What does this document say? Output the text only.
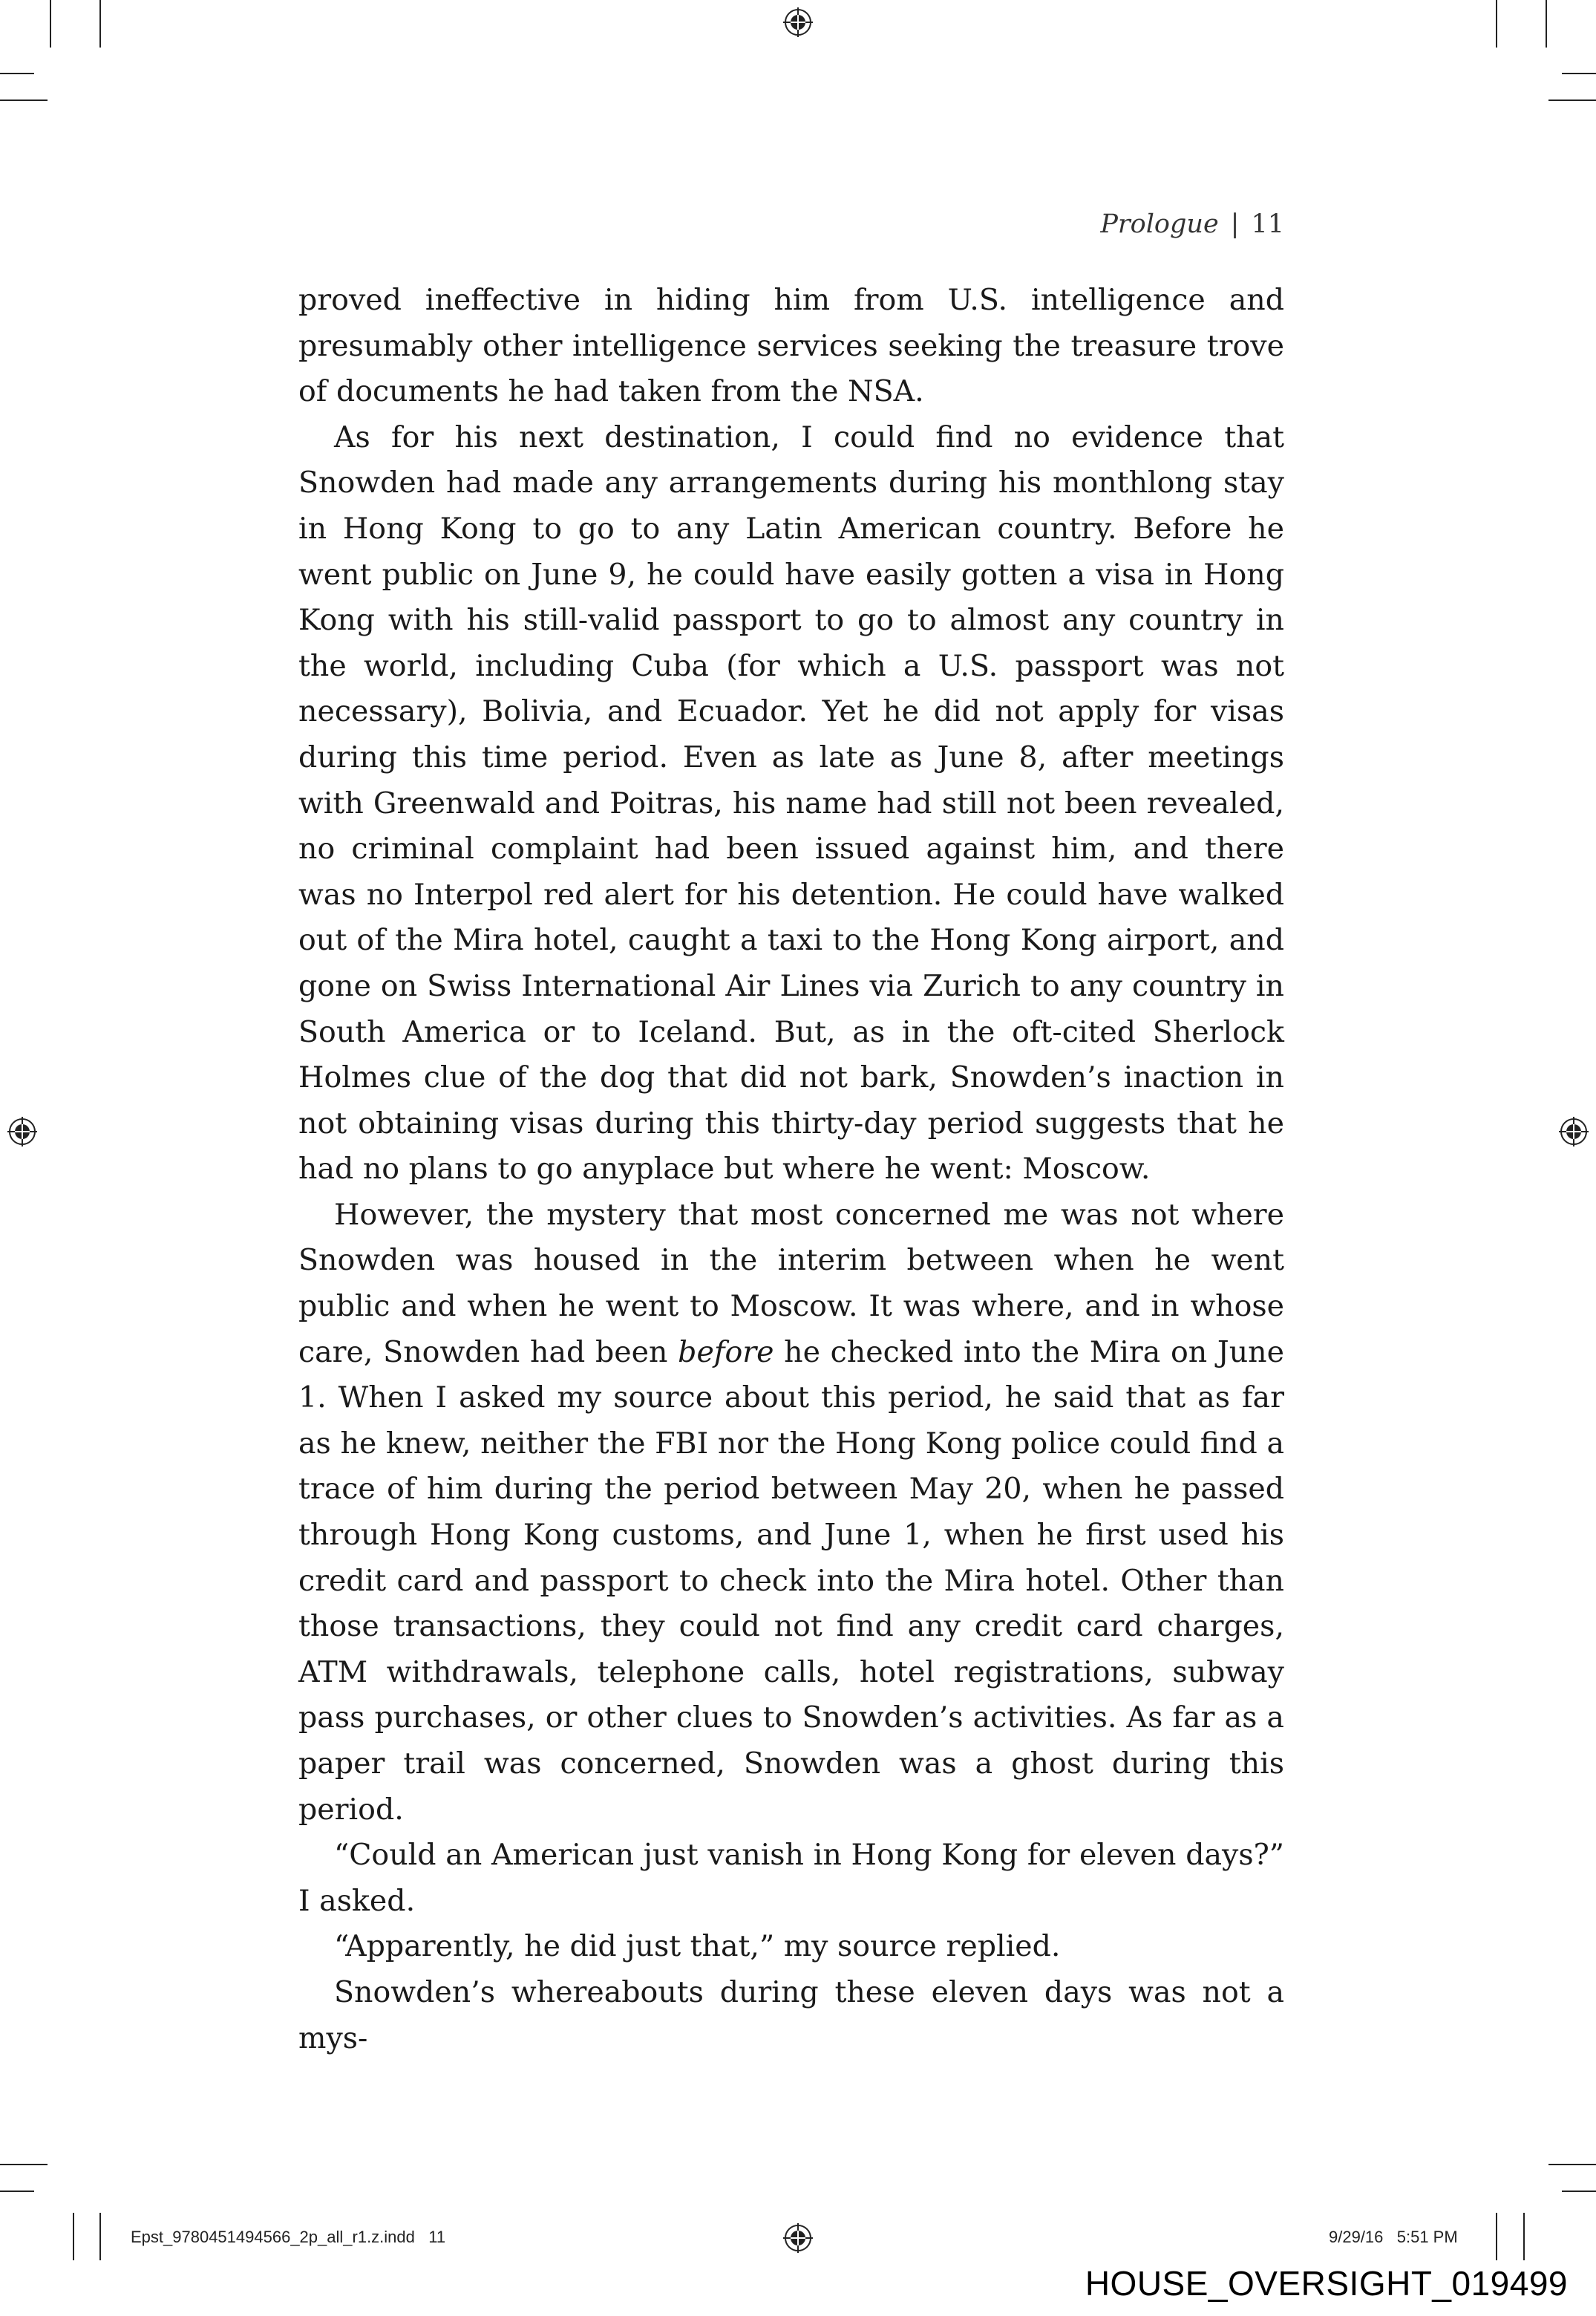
Prologue | 11

proved ineffective in hiding him from U.S. intelligence and presumably other intelligence services seeking the treasure trove of documents he had taken from the NSA.

As for his next destination, I could find no evidence that Snowden had made any arrangements during his monthlong stay in Hong Kong to go to any Latin American country. Before he went public on June 9, he could have easily gotten a visa in Hong Kong with his still-valid passport to go to almost any country in the world, including Cuba (for which a U.S. passport was not necessary), Bolivia, and Ecuador. Yet he did not apply for visas during this time period. Even as late as June 8, after meetings with Greenwald and Poitras, his name had still not been revealed, no criminal complaint had been issued against him, and there was no Interpol red alert for his detention. He could have walked out of the Mira hotel, caught a taxi to the Hong Kong airport, and gone on Swiss International Air Lines via Zurich to any country in South America or to Iceland. But, as in the oft-cited Sherlock Holmes clue of the dog that did not bark, Snowden’s inaction in not obtaining visas during this thirty-day period suggests that he had no plans to go anyplace but where he went: Moscow.

However, the mystery that most concerned me was not where Snowden was housed in the interim between when he went public and when he went to Moscow. It was where, and in whose care, Snowden had been before he checked into the Mira on June 1. When I asked my source about this period, he said that as far as he knew, neither the FBI nor the Hong Kong police could find a trace of him during the period between May 20, when he passed through Hong Kong customs, and June 1, when he first used his credit card and passport to check into the Mira hotel. Other than those transactions, they could not find any credit card charges, ATM withdrawals, telephone calls, hotel registrations, subway pass purchases, or other clues to Snowden’s activities. As far as a paper trail was concerned, Snowden was a ghost during this period.

“Could an American just vanish in Hong Kong for eleven days?” I asked.

“Apparently, he did just that,” my source replied.

Snowden’s whereabouts during these eleven days was not a mys-

Epst_9780451494566_2p_all_r1.z.indd   11	9/29/16   5:51 PM
HOUSE_OVERSIGHT_019499
